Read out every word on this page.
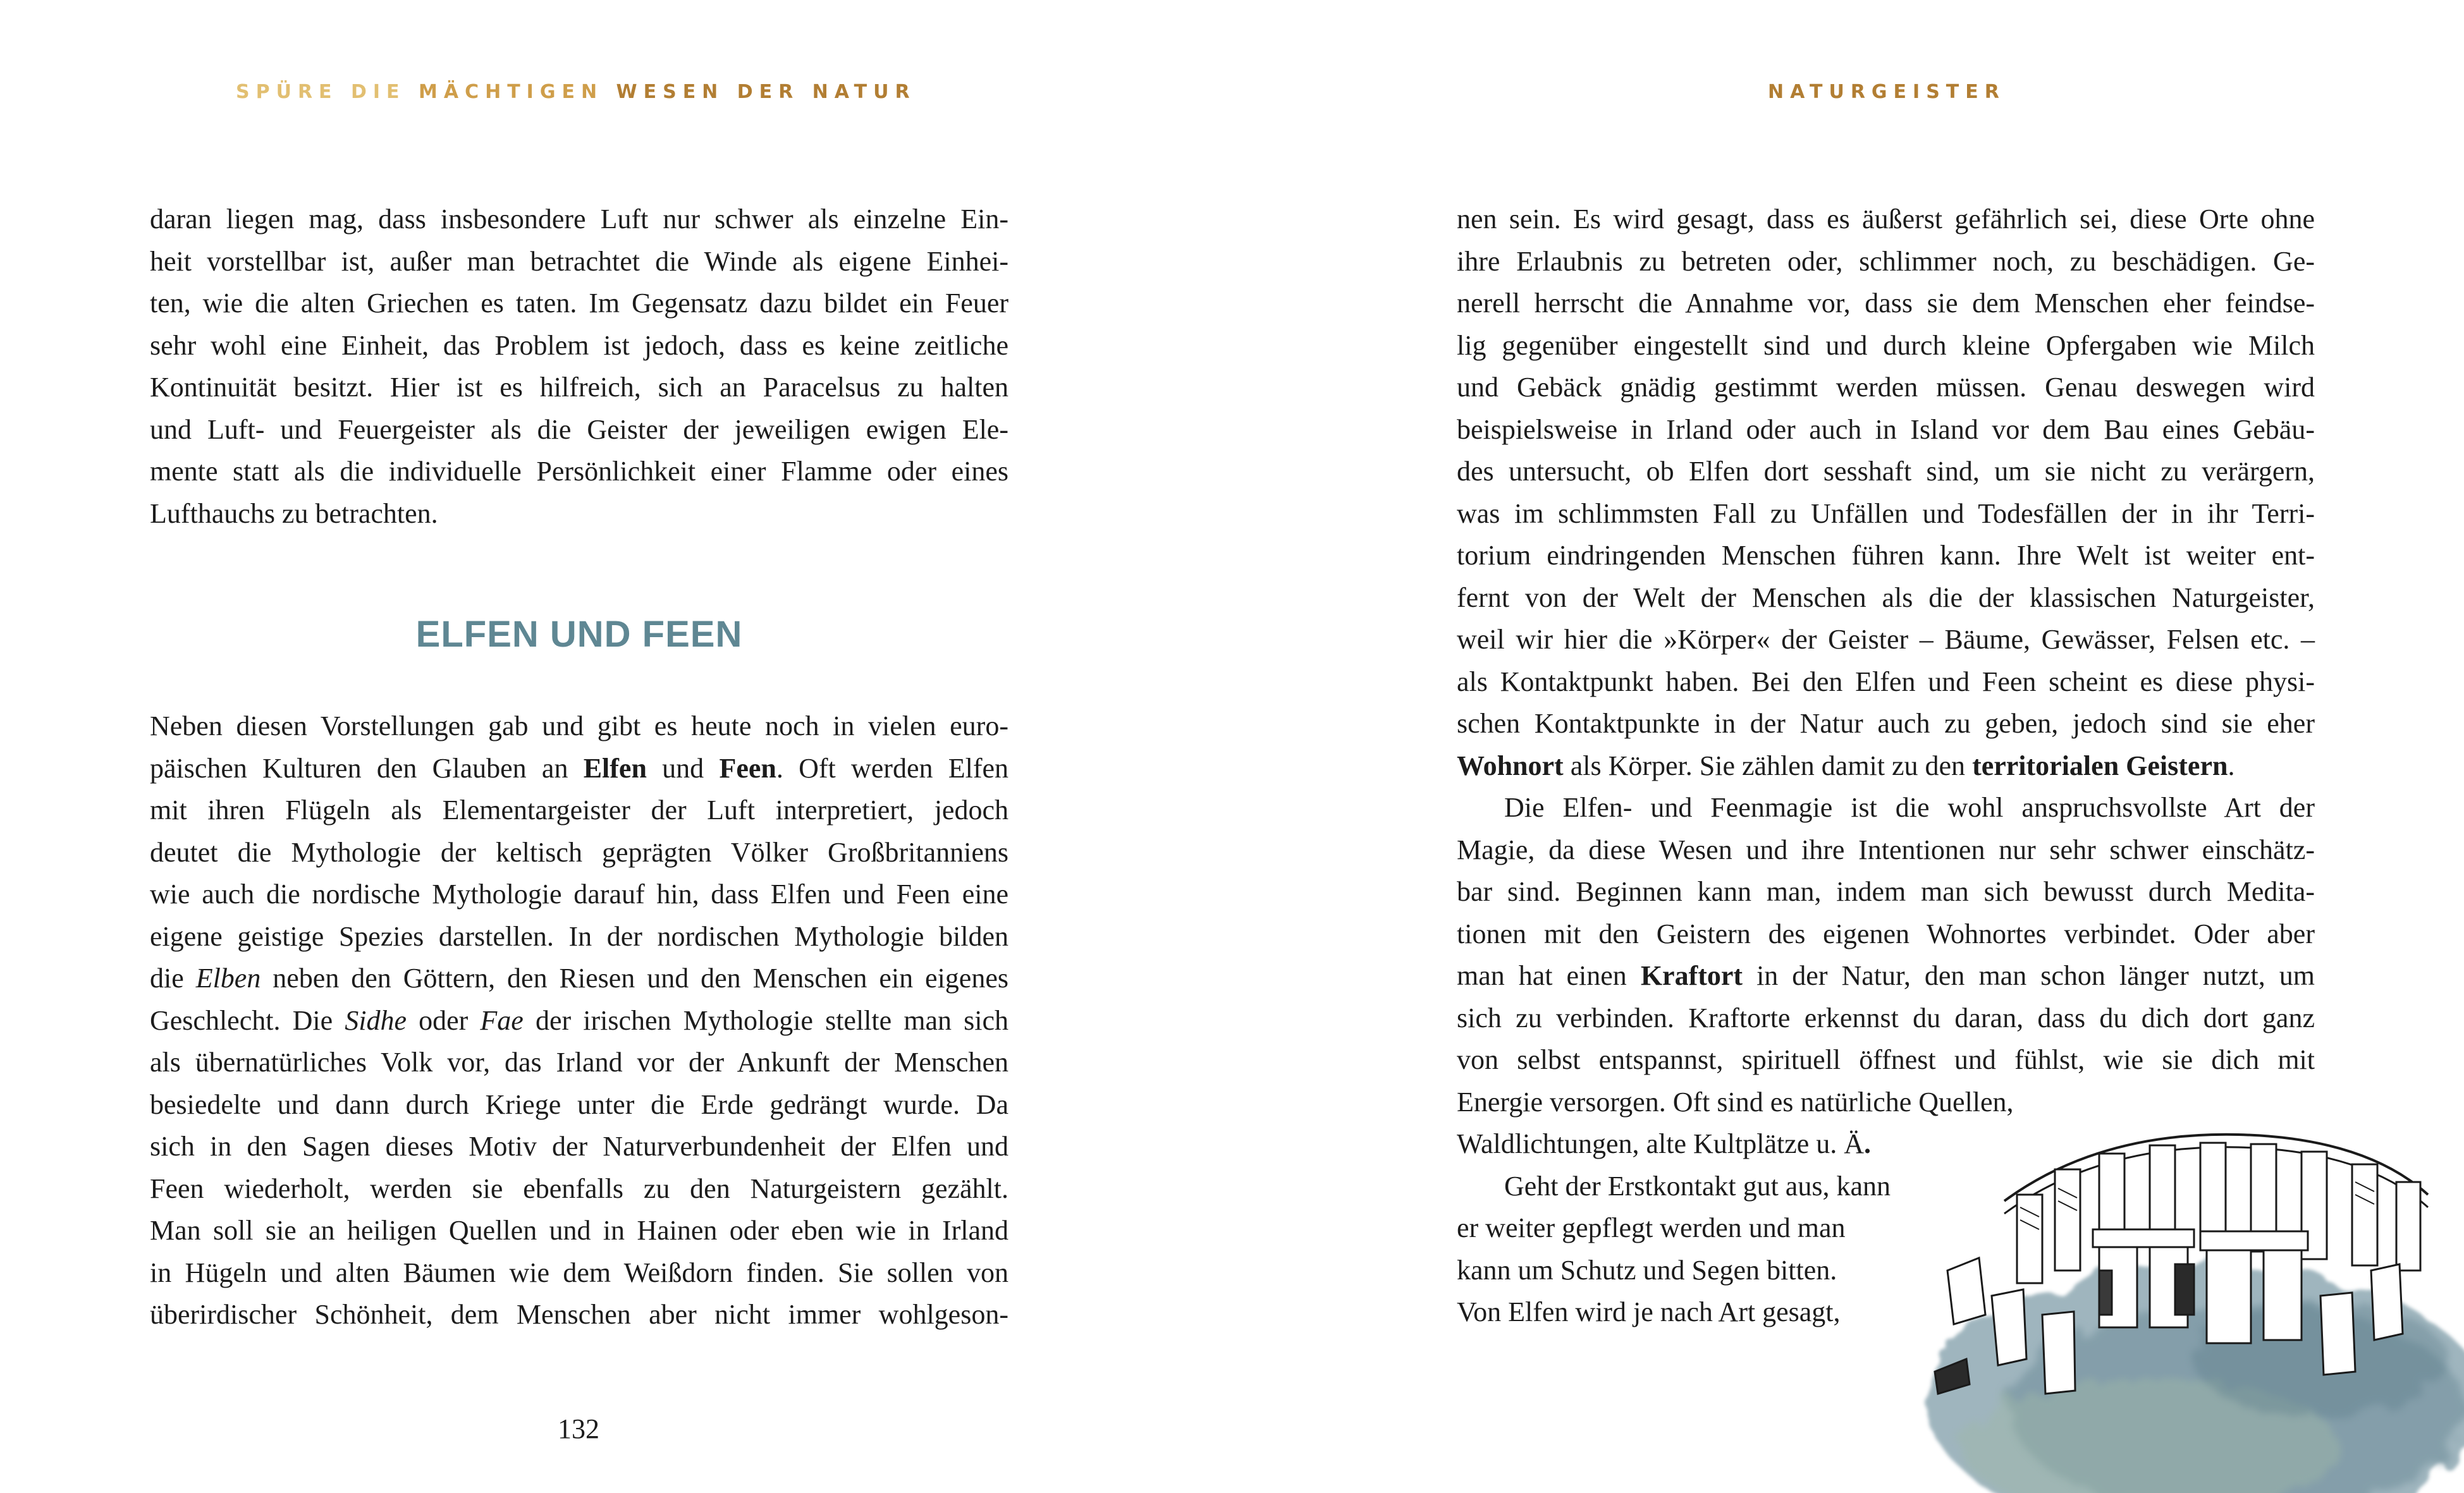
SPÜRE DIE MÄCHTIGEN WESEN DER NATUR
daran liegen mag, dass insbesondere Luft nur schwer als einzelne Ein-
heit vorstellbar ist, außer man betrachtet die Winde als eigene Einhei-
ten, wie die alten Griechen es taten. Im Gegensatz dazu bildet ein Feuer
sehr wohl eine Einheit, das Problem ist jedoch, dass es keine zeitliche
Kontinuität besitzt. Hier ist es hilfreich, sich an Paracelsus zu halten
und Luft- und Feuergeister als die Geister der jeweiligen ewigen Ele-
mente statt als die individuelle Persönlichkeit einer Flamme oder eines
Lufthauchs zu betrachten.
Neben diesen Vorstellungen gab und gibt es heute noch in vielen euro-
päischen Kulturen den Glauben an Elfen und Feen. Oft werden Elfen
mit ihren Flügeln als Elementargeister der Luft interpretiert, jedoch
deutet die Mythologie der keltisch geprägten Völker Großbritanniens
wie auch die nordische Mythologie darauf hin, dass Elfen und Feen eine
eigene geistige Spezies darstellen. In der nordischen Mythologie bilden
die Elben neben den Göttern, den Riesen und den Menschen ein eigenes
Geschlecht. Die Sidhe oder Fae der irischen Mythologie stellte man sich
als übernatürliches Volk vor, das Irland vor der Ankunft der Menschen
besiedelte und dann durch Kriege unter die Erde gedrängt wurde. Da
sich in den Sagen dieses Motiv der Naturverbundenheit der Elfen und
Feen wiederholt, werden sie ebenfalls zu den Naturgeistern gezählt.
Man soll sie an heiligen Quellen und in Hainen oder eben wie in Irland
in Hügeln und alten Bäumen wie dem Weißdorn finden. Sie sollen von
überirdischer Schönheit, dem Menschen aber nicht immer wohlgeson-
ELFEN UND FEEN
132
NATURGEISTER
nen sein. Es wird gesagt, dass es äußerst gefährlich sei, diese Orte ohne
ihre Erlaubnis zu betreten oder, schlimmer noch, zu beschädigen. Ge-
nerell herrscht die Annahme vor, dass sie dem Menschen eher feindse-
lig gegenüber eingestellt sind und durch kleine Opfergaben wie Milch
und Gebäck gnädig gestimmt werden müssen. Genau deswegen wird
beispielsweise in Irland oder auch in Island vor dem Bau eines Gebäu-
des untersucht, ob Elfen dort sesshaft sind, um sie nicht zu verärgern,
was im schlimmsten Fall zu Unfällen und Todesfällen der in ihr Terri-
torium eindringenden Menschen führen kann. Ihre Welt ist weiter ent-
fernt von der Welt der Menschen als die der klassischen Naturgeister,
weil wir hier die »Körper« der Geister – Bäume, Gewässer, Felsen etc. –
als Kontaktpunkt haben. Bei den Elfen und Feen scheint es diese physi-
schen Kontaktpunkte in der Natur auch zu geben, jedoch sind sie eher
Wohnort als Körper. Sie zählen damit zu den territorialen Geistern.
Die Elfen- und Feenmagie ist die wohl anspruchsvollste Art der
Magie, da diese Wesen und ihre Intentionen nur sehr schwer einschätz-
bar sind. Beginnen kann man, indem man sich bewusst durch Medita-
tionen mit den Geistern des eigenen Wohnortes verbindet. Oder aber
man hat einen Kraftort in der Natur, den man schon länger nutzt, um
sich zu verbinden. Kraftorte erkennst du daran, dass du dich dort ganz
von selbst entspannst, spirituell öffnest und fühlst, wie sie dich mit
Energie versorgen. Oft sind es natürliche Quellen,
Waldlichtungen, alte Kultplätze u. Ä.
Geht der Erstkontakt gut aus, kann
er weiter gepflegt werden und man
kann um Schutz und Segen bitten.
Von Elfen wird je nach Art gesagt,
